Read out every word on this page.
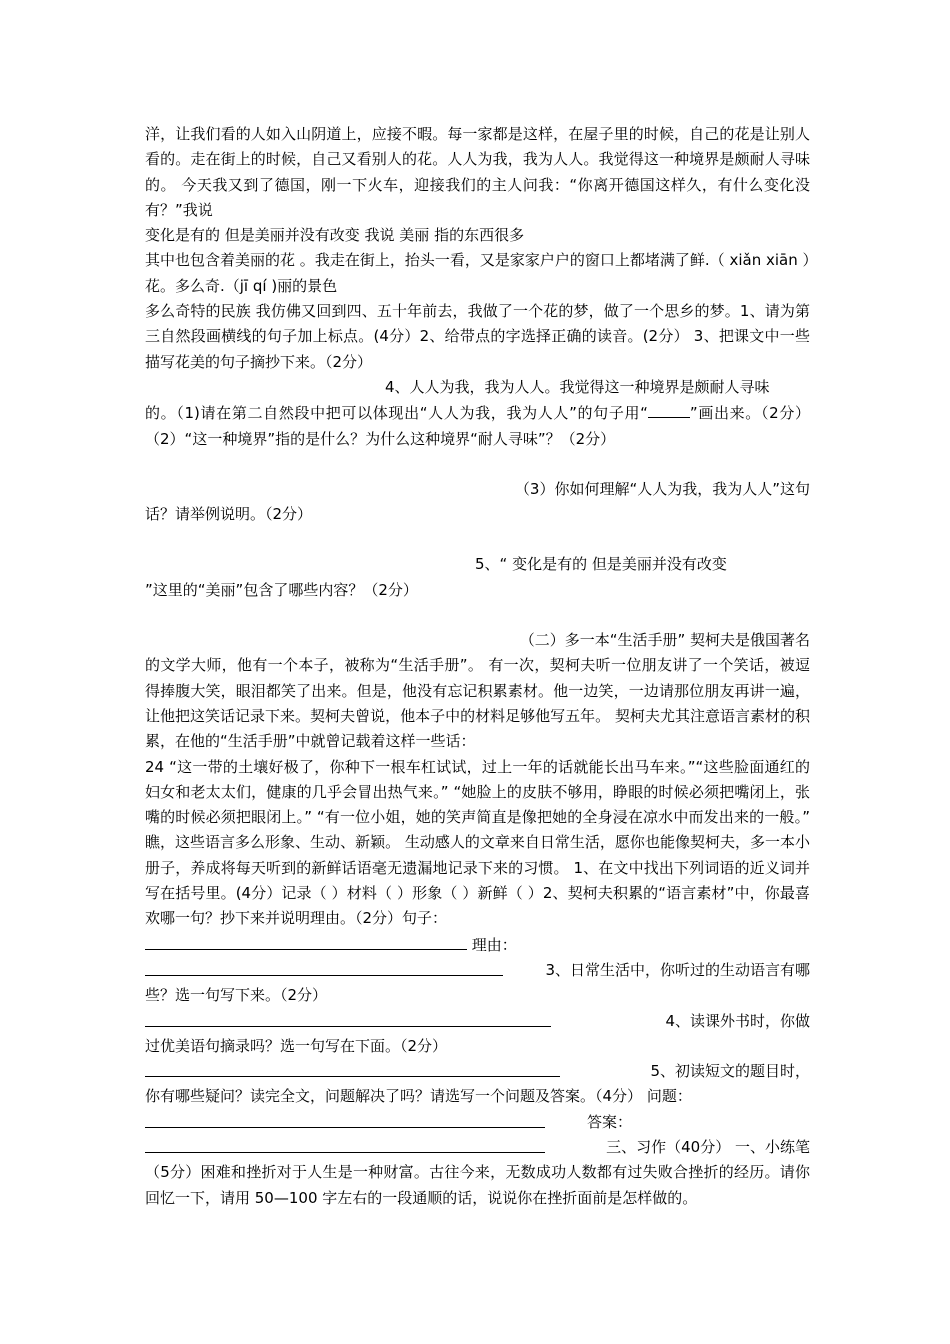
洋，让我们看的人如入山阴道上，应接不暇。每一家都是这样，在屋子里的时候，自己的花是让别人看的。走在街上的时候，自己又看别人的花。人人为我，我为人人。我觉得这一种境界是颇耐人寻味的。 今天我又到了德国，刚一下火车，迎接我们的主人问我：“你离开德国这样久，有什么变化没有？”我说

变化是有的 但是美丽并没有改变 我说 美丽 指的东西很多

其中也包含着美丽的花 。我走在街上，抬头一看，又是家家户户的窗口上都堵满了鲜.（ xiǎn xiān ）花。多么奇.（jī qí )丽的景色

多么奇特的民族 我仿佛又回到四、五十年前去，我做了一个花的梦，做了一个思乡的梦。1、请为第三自然段画横线的句子加上标点。(4分）2、给带点的字选择正确的读音。(2分） 3、把课文中一些描写花美的句子摘抄下来。（2分）

4、人人为我，我为人人。我觉得这一种境界是颇耐人寻味
的。（1)请在第二自然段中把可以体现出“人人为我，我为人人”的句子用“	”画出来。（2分） （2）“这一种境界”指的是什么？为什么这种境界“耐人寻味”？（2分）

（3）你如何理解“人人为我，我为人人”这句
话？请举例说明。（2分）

5、“ 变化是有的 但是美丽并没有改变
”这里的“美丽”包含了哪些内容？（2分）

（二）多一本“生活手册” 契柯夫是俄国著名
的文学大师，他有一个本子，被称为“生活手册”。 有一次，契柯夫听一位朋友讲了一个笑话，被逗得捧腹大笑，眼泪都笑了出来。但是，他没有忘记积累素材。他一边笑，一边请那位朋友再讲一遍，让他把这笑话记录下来。契柯夫曾说，他本子中的材料足够他写五年。 契柯夫尤其注意语言素材的积累，在他的“生活手册”中就曾记载着这样一些话：

24 “这一带的土壤好极了，你种下一根车杠试试，过上一年的话就能长出马车来。”“这些脸面通红的妇女和老太太们，健康的几乎会冒出热气来。” “她脸上的皮肤不够用，睁眼的时候必须把嘴闭上，张嘴的时候必须把眼闭上。” “有一位小姐，她的笑声简直是像把她的全身浸在凉水中而发出来的一般。” 瞧，这些语言多么形象、生动、新颖。 生动感人的文章来自日常生活，愿你也能像契柯夫，多一本小册子，养成将每天听到的新鲜话语毫无遗漏地记录下来的习惯。 1、在文中找出下列词语的近义词并写在括号里。(4分）记录（ ）材料（ ）形象（ ）新鲜（ ）2、契柯夫积累的“语言素材”中，你最喜欢哪一句？抄下来并说明理由。（2分）句子：

理由：

3、日常生活中，你听过的生动语言有哪

些？选一句写下来。（2分）

4、读课外书时，你做

过优美语句摘录吗？选一句写在下面。（2分）

5、初读短文的题目时，

你有哪些疑问？读完全文，问题解决了吗？请选写一个问题及答案。（4分） 问题：

答案：

三、习作（40分） 一、小练笔

（5分）困难和挫折对于人生是一种财富。古往今来，无数成功人数都有过失败合挫折的经历。请你回忆一下，请用 50—100 字左右的一段通顺的话，说说你在挫折面前是怎样做的。
